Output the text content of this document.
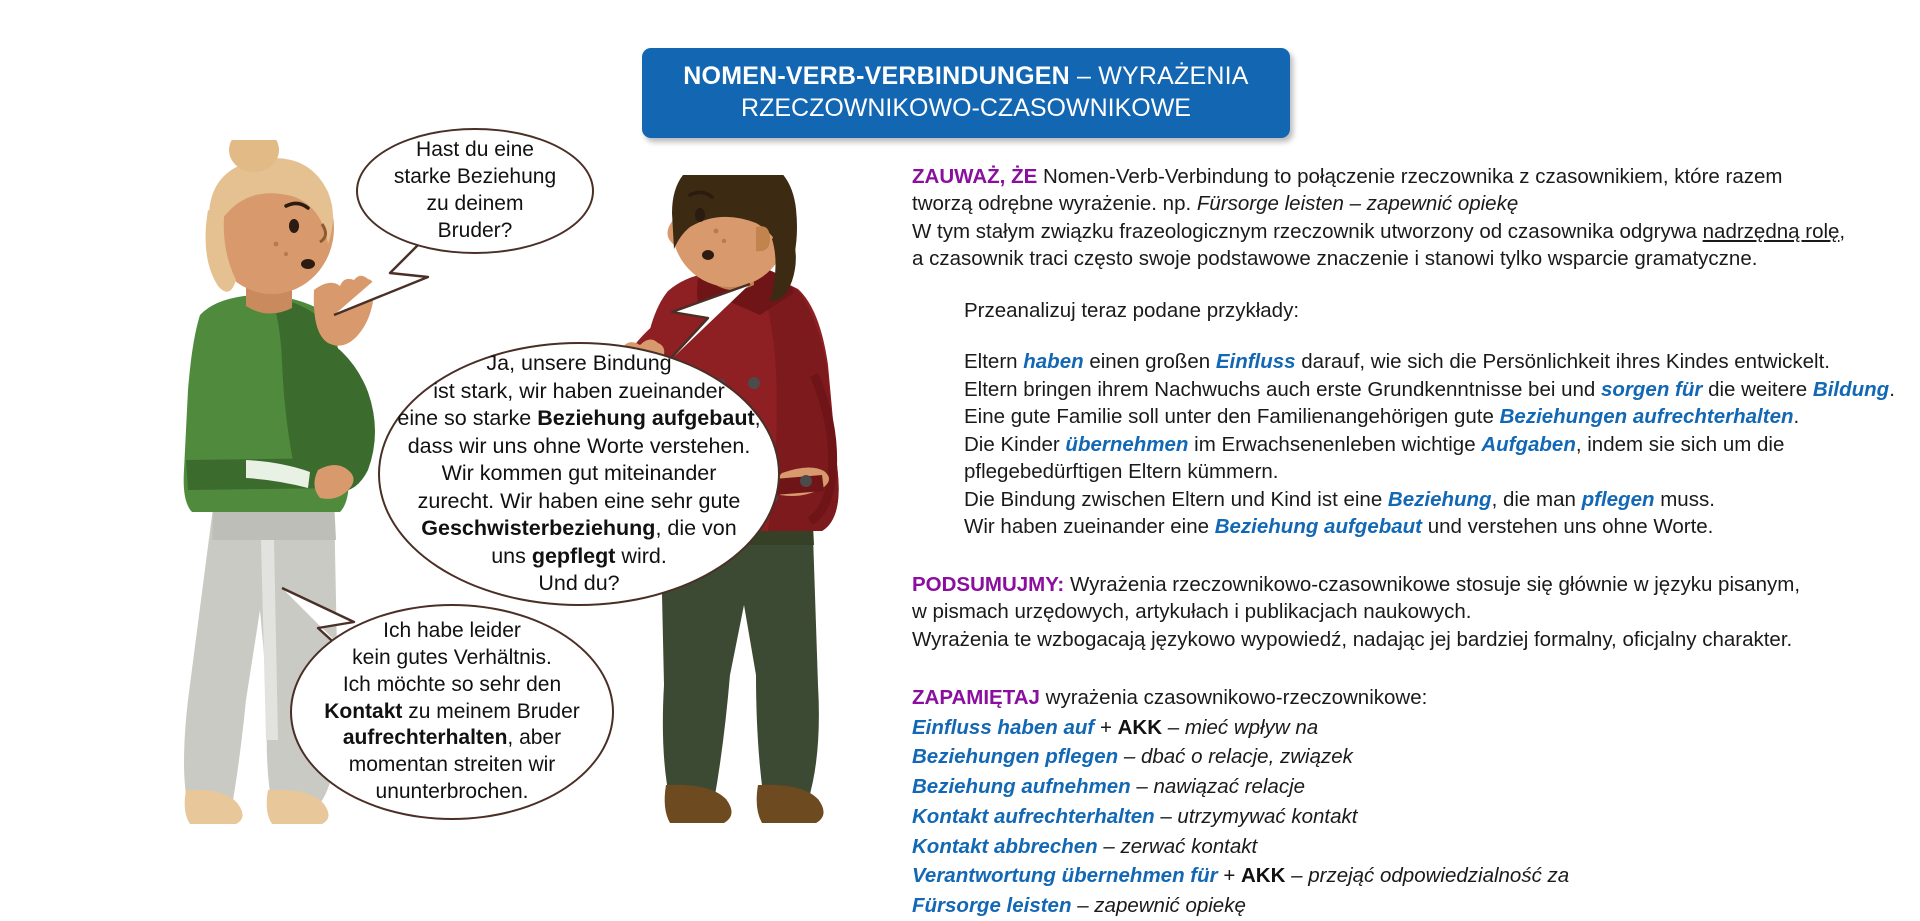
Hast du eine
starke Beziehung
zu deinem
Bruder?
Ja, unsere Bindung
ist stark, wir haben zueinander
eine so starke Beziehung aufgebaut,
dass wir uns ohne Worte verstehen.
Wir kommen gut miteinander
zurecht. Wir haben eine sehr gute
Geschwisterbeziehung, die von
uns gepflegt wird.
Und du?
Ich habe leider
kein gutes Verhältnis.
Ich möchte so sehr den
Kontakt zu meinem Bruder
aufrechterhalten, aber
momentan streiten wir
ununterbrochen.
NOMEN-VERB-VERBINDUNGEN – WYRAŻENIA
RZECZOWNIKOWO-CZASOWNIKOWE
ZAUWAŻ, ŻE Nomen-Verb-Verbindung to połączenie rzeczownika z czasownikiem, które razem
tworzą odrębne wyrażenie. np. Fürsorge leisten – zapewnić opiekę
W tym stałym związku frazeologicznym rzeczownik utworzony od czasownika odgrywa nadrzędną rolę,
a czasownik traci często swoje podstawowe znaczenie i stanowi tylko wsparcie gramatyczne.
Przeanalizuj teraz podane przykłady:
Eltern haben einen großen Einfluss darauf, wie sich die Persönlichkeit ihres Kindes entwickelt.
Eltern bringen ihrem Nachwuchs auch erste Grundkenntnisse bei und sorgen für die weitere Bildung.
Eine gute Familie soll unter den Familienangehörigen gute Beziehungen aufrechterhalten.
Die Kinder übernehmen im Erwachsenenleben wichtige Aufgaben, indem sie sich um die
pflegebedürftigen Eltern kümmern.
Die Bindung zwischen Eltern und Kind ist eine Beziehung, die man pflegen muss.
Wir haben zueinander eine Beziehung aufgebaut und verstehen uns ohne Worte.
PODSUMUJMY: Wyrażenia rzeczownikowo-czasownikowe stosuje się głównie w języku pisanym,
w pismach urzędowych, artykułach i publikacjach naukowych.
Wyrażenia te wzbogacają językowo wypowiedź, nadając jej bardziej formalny, oficjalny charakter.
ZAPAMIĘTAJ wyrażenia czasownikowo-rzeczownikowe:
Einfluss haben auf + AKK – mieć wpływ na
Beziehungen pflegen – dbać o relacje, związek
Beziehung aufnehmen – nawiązać relacje
Kontakt aufrechterhalten – utrzymywać kontakt
Kontakt abbrechen – zerwać kontakt
Verantwortung übernehmen für + AKK – przejąć odpowiedzialność za
Fürsorge leisten – zapewnić opiekę
